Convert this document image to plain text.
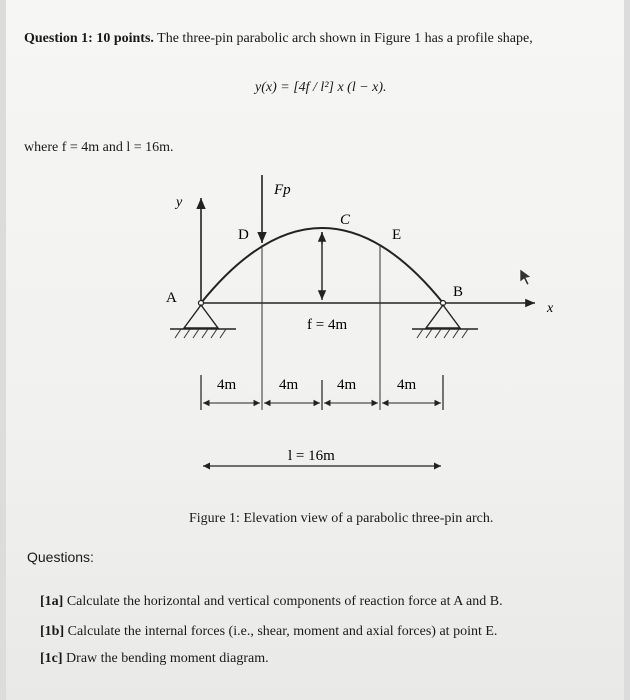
Question 1: 10 points. The three-pin parabolic arch shown in Figure 1 has a profile shape,
y(x) = [4f / l²] x (l − x).
where f = 4m and l = 16m.
y
x
Fp
D
C
E
A	B
f = 4m
4m	4m	4m	4m
l = 16m
Figure 1: Elevation view of a parabolic three-pin arch.
Questions:
[1a] Calculate the horizontal and vertical components of reaction force at A and B.
[1b] Calculate the internal forces (i.e., shear, moment and axial forces) at point E.
[1c] Draw the bending moment diagram.
